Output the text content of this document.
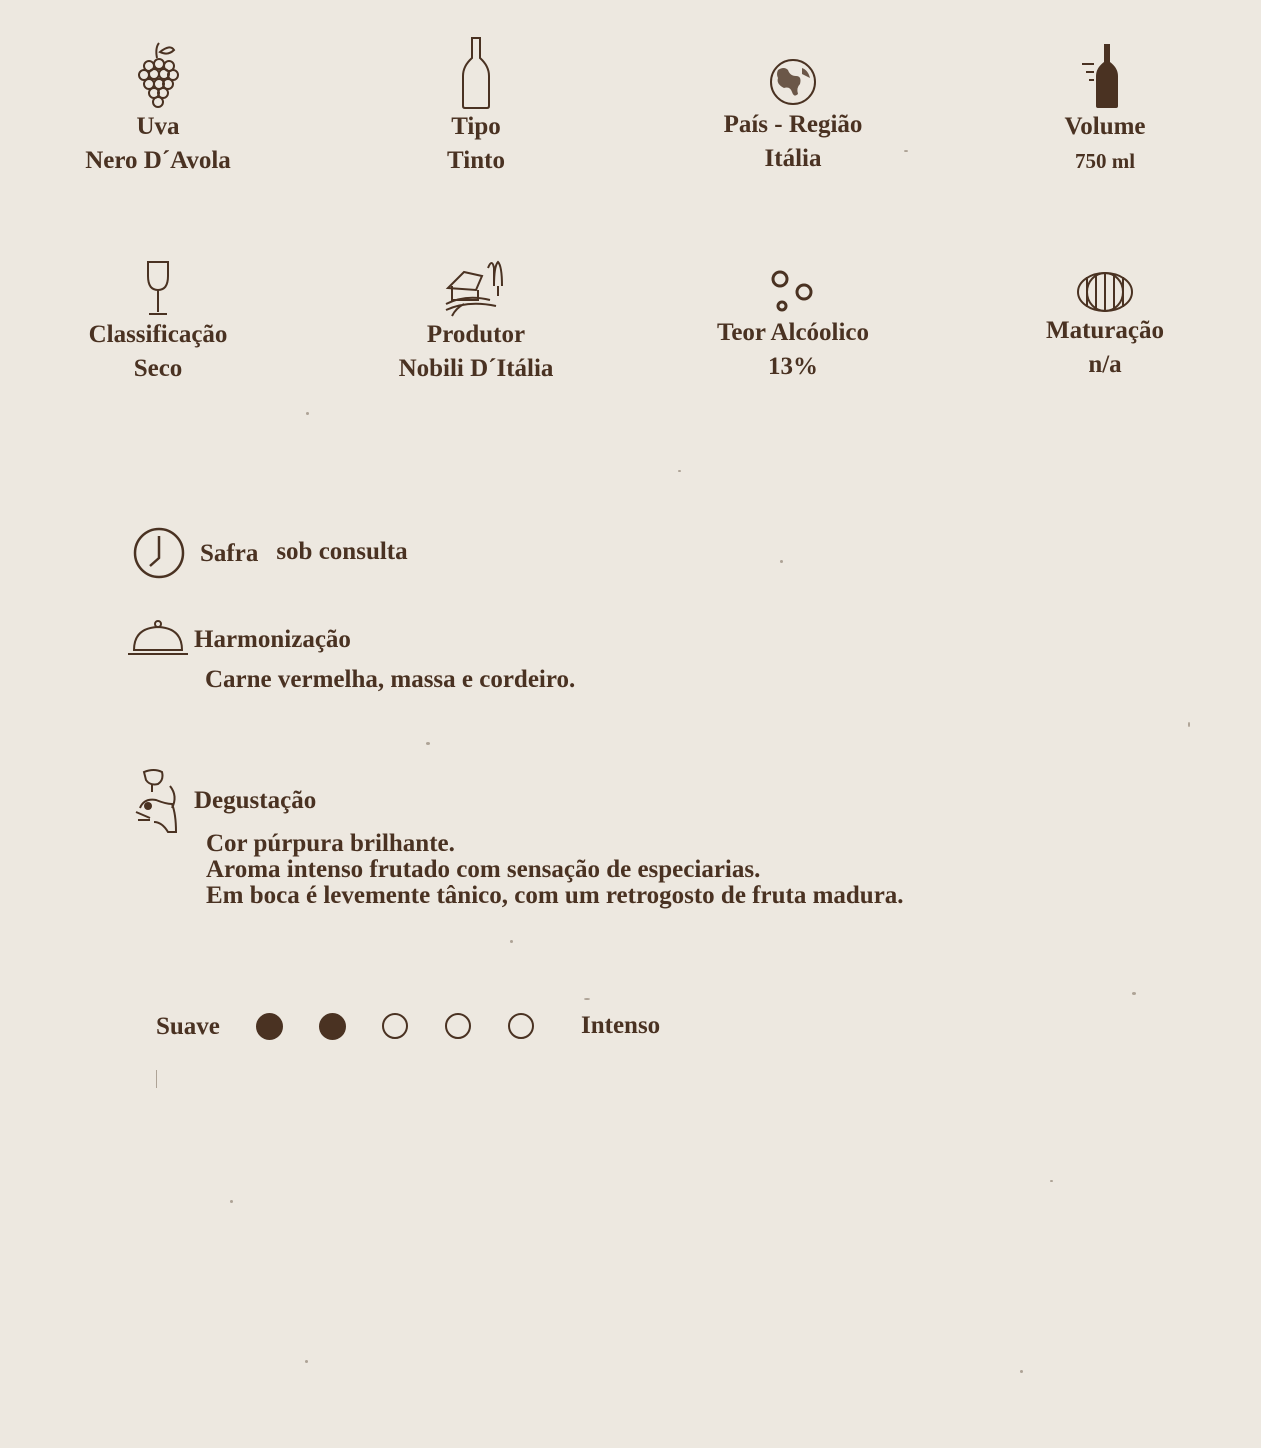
Uva
Nero D´Avola
Tipo
Tinto
País - Região
Itália
Volume
750 ml
Classificação
Seco
Produtor
Nobili D´Itália
Teor Alcóolico
13%
Maturação
n/a
Safra sob consulta
Harmonização
Carne vermelha, massa e cordeiro.
Degustação
Cor púrpura brilhante.
Aroma intenso frutado com sensação de especiarias.
Em boca é levemente tânico, com um retrogosto de fruta madura.
Suave	Intenso
